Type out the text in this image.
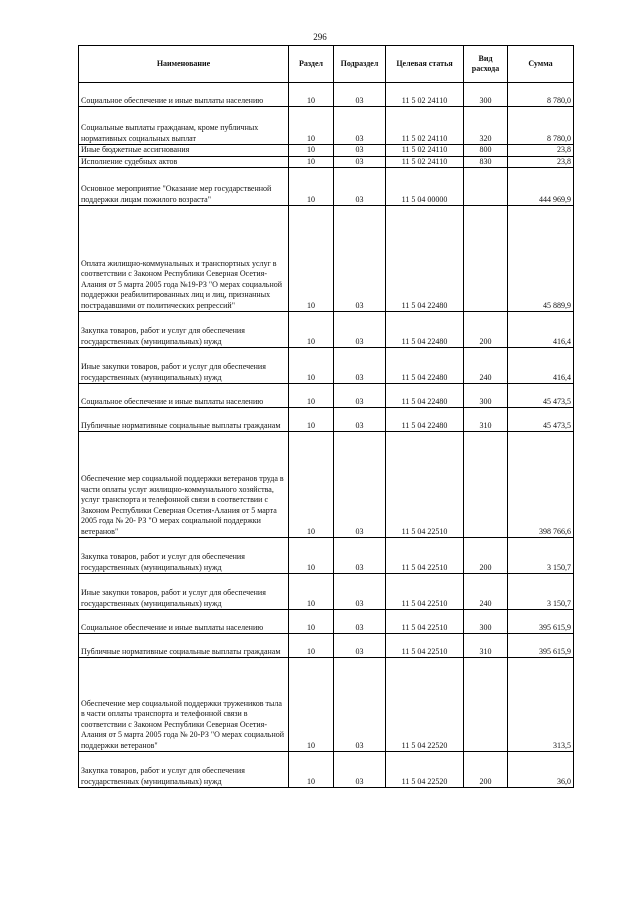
296
Наименование	Раздел	Подраздел	Целевая статья	Вид расхода	Сумма
Социальное обеспечение и иные выплаты населению	10	03	11 5 02 24110	300	8 780,0
Социальные выплаты гражданам, кроме публичных нормативных социальных выплат	10	03	11 5 02 24110	320	8 780,0
Иные бюджетные ассигнования	10	03	11 5 02 24110	800	23,8
Исполнение судебных актов	10	03	11 5 02 24110	830	23,8
Основное мероприятие "Оказание мер государственной поддержки лицам пожилого возраста"	10	03	11 5 04 00000		444 969,9
Оплата жилищно-коммунальных и транспортных услуг в соответствии с Законом Республики Северная Осетия-Алания от 5 марта 2005 года №19-РЗ "О мерах социальной поддержки реабилитированных лиц и лиц, признанных пострадавшими от политических репрессий"	10	03	11 5 04 22480		45 889,9
Закупка товаров, работ и услуг для обеспечения государственных (муниципальных) нужд	10	03	11 5 04 22480	200	416,4
Иные закупки товаров, работ и услуг для обеспечения государственных (муниципальных) нужд	10	03	11 5 04 22480	240	416,4
Социальное обеспечение и иные выплаты населению	10	03	11 5 04 22480	300	45 473,5
Публичные нормативные социальные выплаты гражданам	10	03	11 5 04 22480	310	45 473,5
Обеспечение мер социальной поддержки ветеранов труда в части оплаты услуг жилищно-коммунального хозяйства, услуг транспорта и телефонной связи в соответствии с Законом Республики Северная Осетия-Алания от 5 марта 2005 года № 20- РЗ "О мерах социальной поддержки ветеранов"	10	03	11 5 04 22510		398 766,6
Закупка товаров, работ и услуг для обеспечения государственных (муниципальных) нужд	10	03	11 5 04 22510	200	3 150,7
Иные закупки товаров, работ и услуг для обеспечения государственных (муниципальных) нужд	10	03	11 5 04 22510	240	3 150,7
Социальное обеспечение и иные выплаты населению	10	03	11 5 04 22510	300	395 615,9
Публичные нормативные социальные выплаты гражданам	10	03	11 5 04 22510	310	395 615,9
Обеспечение мер социальной поддержки тружеников тыла в части оплаты транспорта и телефонной связи в соответствии с Законом Республики Северная Осетия-Алания от 5 марта 2005 года № 20-РЗ "О мерах социальной поддержки ветеранов"	10	03	11 5 04 22520		313,5
Закупка товаров, работ и услуг для обеспечения государственных (муниципальных) нужд	10	03	11 5 04 22520	200	36,0
